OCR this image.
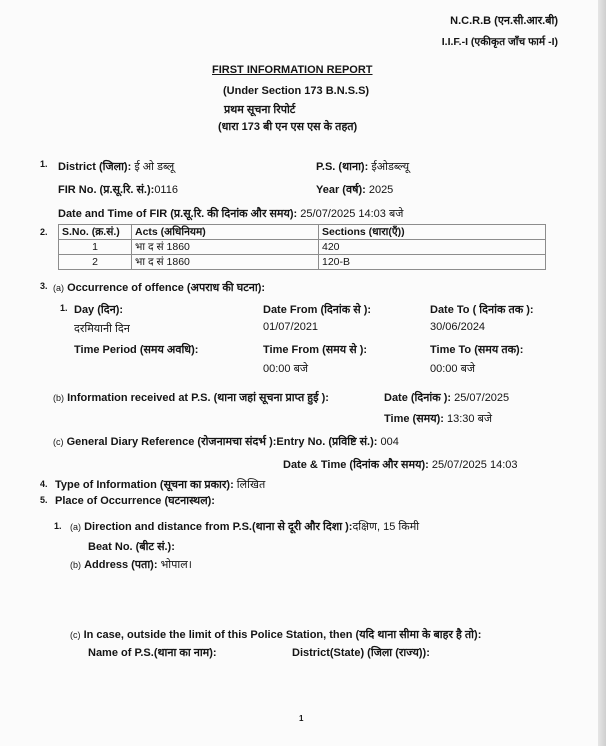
N.C.R.B (एन.सी.आर.बी)
I.I.F.-I (एकीकृत जाँच फार्म -I)
FIRST INFORMATION REPORT
(Under Section 173 B.N.S.S)
प्रथम सूचना रिपोर्ट
(धारा 173 बी एन एस एस के तहत)
1. District (जिला): ई ओ डब्लू	P.S. (थाना): ईओडब्ल्यू
FIR No. (प्र.सू.रि. सं.):0116	Year (वर्ष): 2025
Date and Time of FIR (प्र.सू.रि. की दिनांक और समय): 25/07/2025 14:03 बजे
2. S.No. (क्र.सं.)	Acts (अधिनियम)	Sections (धारा(एँ))
1	भा द सं 1860	420
2	भा द सं 1860	120-B
3. (a) Occurrence of offence (अपराध की घटना):
1. Day (दिन):
दरमियानी दिन
Date From (दिनांक से ):
01/07/2021
Date To ( दिनांक तक ):
30/06/2024
Time Period (समय अवधि):	Time From (समय से ):
00:00 बजे
Time To (समय तक):
00:00 बजे
(b) Information received at P.S. (थाना जहां सूचना प्राप्त हुई ):	Date (दिनांक ): 25/07/2025
Time (समय): 13:30 बजे
(c) General Diary Reference (रोजनामचा संदर्भ ):Entry No. (प्रविष्टि सं.): 004
Date & Time (दिनांक और समय): 25/07/2025 14:03
4. Type of Information (सूचना का प्रकार): लिखित
5. Place of Occurrence (घटनास्थल):
1. (a) Direction and distance from P.S.(थाना से दूरी और दिशा ):दक्षिण, 15 किमी
Beat No. (बीट सं.):
(b) Address (पता): भोपाल।
(c) In case, outside the limit of this Police Station, then (यदि थाना सीमा के बाहर है तो):
Name of P.S.(थाना का नाम):	District(State) (जिला (राज्य)):
1
